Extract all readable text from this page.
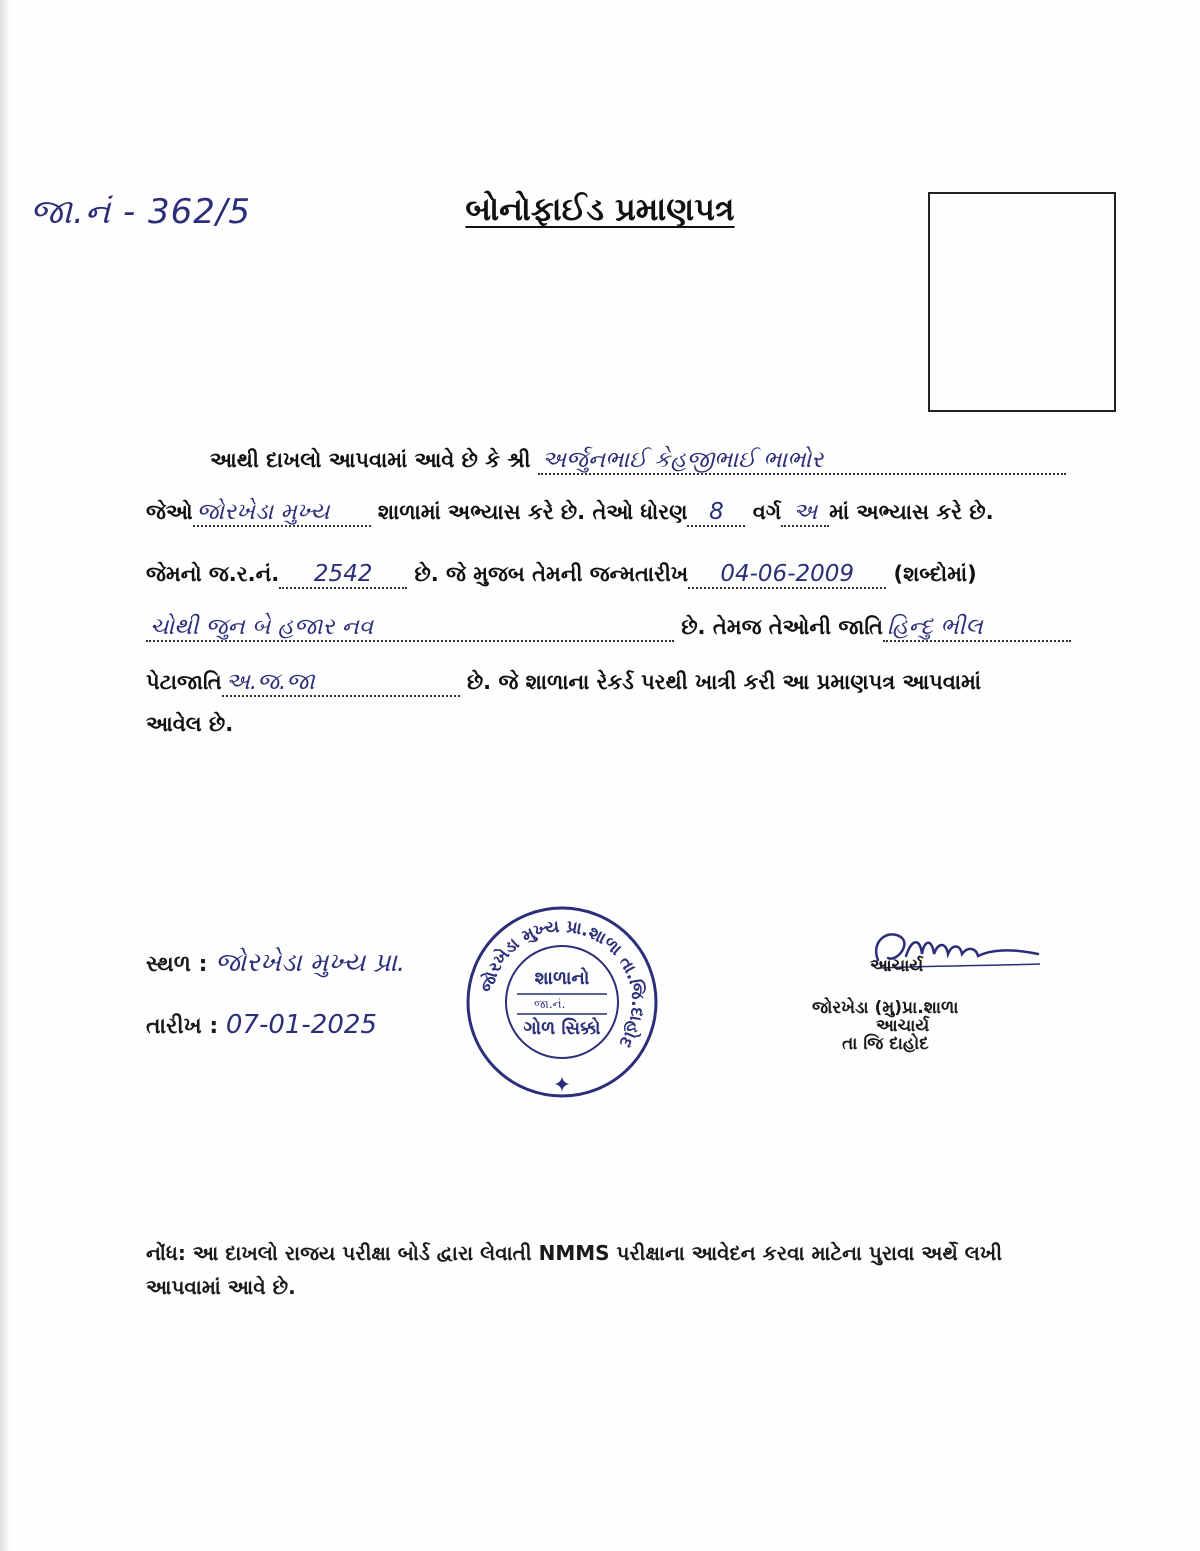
જા.નં - 362/5	બોનોફાઈડ પ્રમાણપત્ર
આથી દાખલો આપવામાં આવે છે કે શ્રી અર્જુનભાઈ કેહજીભાઈ ભાભોર
જેઓ જોરખેડા મુખ્ય શાળામાં અભ્યાસ કરે છે. તેઓ ધોરણ 8 વર્ગ અ માં અભ્યાસ કરે છે.
જેમનો જ.ર.નં. 2542 છે. જે મુજબ તેમની જન્મતારીખ 04-06-2009 (શબ્દોમાં)
ચોથી જુન બે હજાર નવ	છે. તેમજ તેઓની જાતિ હિન્દુ ભીલ
પેટાજાતિ અ.જ.જા	છે. જે શાળાના રેકર્ડ પરથી ખાત્રી કરી આ પ્રમાણપત્ર આપવામાં
આવેલ છે.
સ્થળ : જોરખેડા મુખ્ય પ્રા.
તારીખ : 07-01-2025
જોરખેડા મુખ્ય પ્રા.શાળા તા.જિ.દાહોદ
શાળાનો
જા.નં.
ગોળ સિક્કો
✦
આચાર્ય
જોરખેડા (મુ)પ્રા.શાળા
આચાર્ય
તા જિ દાહોદ
નોંધ: આ દાખલો રાજય પરીક્ષા બોર્ડ દ્વારા લેવાતી NMMS પરીક્ષાના આવેદન કરવા માટેના પુરાવા અર્થે લખી આપવામાં આવે છે.
